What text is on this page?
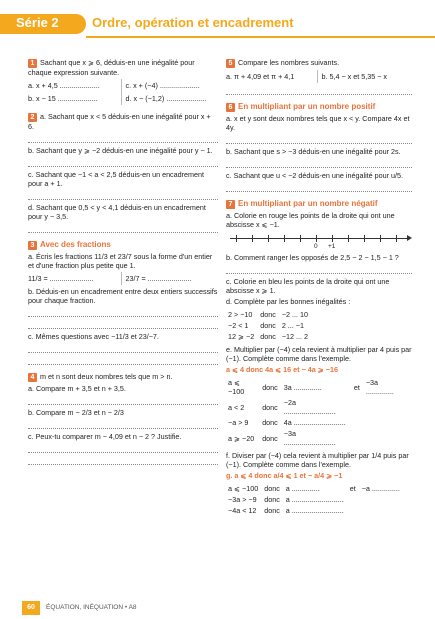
Série 2	Ordre, opération et encadrement

1 Sachant que x ⩾ 6, déduis-en une inégalité pour chaque expression suivante.

a. x + 4,5 ....................	c. x + (−4) ....................
b. x − 15 ....................	d. x − (−1,2) ....................

2 a. Sachant que x < 5 déduis-en une inégalité pour x + 6.

b. Sachant que y ⩾ −2 déduis-en une inégalité pour y − 1.

c. Sachant que −1 < a < 2,5 déduis-en un encadrement pour a + 1.

d. Sachant que 0,5 < y < 4,1 déduis-en un encadrement pour y − 3,5.

3 Avec des fractions

a. Écris les fractions 11/3 et 23/7 sous la forme d'un entier et d'une fraction plus petite que 1.

11/3 = ......................	23/7 = ......................

b. Déduis-en un encadrement entre deux entiers successifs pour chaque fraction.

c. Mêmes questions avec −11/3 et 23/−7.

4 m et n sont deux nombres tels que m > n.

a. Compare m + 3,5 et n + 3,5.

b. Compare m − 2/3 et n − 2/3

c. Peux-tu comparer m − 4,09 et n − 2 ? Justifie.

5 Compare les nombres suivants.

a. π + 4,09 et π + 4,1	b. 5,4 − x et 5,35 − x

6 En multipliant par un nombre positif

a. x et y sont deux nombres tels que x < y. Compare 4x et 4y.

b. Sachant que s > −3 déduis-en une inégalité pour 2s.

c. Sachant que u < −2 déduis-en une inégalité pour u/5.

7 En multipliant par un nombre négatif

a. Colorie en rouge les points de la droite qui ont une abscisse x ⩽ −1.

0 +1

b. Comment ranger les opposés de 2,5 − 2 − 1,5 − 1 ?

c. Colorie en bleu les points de la droite qui ont une abscisse x ⩾ 1.

d. Complète par les bonnes inégalités :

2 > −10	donc	−2 ... 10
−2 < 1	donc	2 ... −1
12 ⩾ −2	donc	−12 ... 2

e. Multiplier par (−4) cela revient à multiplier par 4 puis par (−1). Complète comme dans l'exemple.

a ⩽ 4 donc 4a ⩽ 16 et − 4a ⩾ −16

a ⩽ −100	donc	3a ..............	et	−3a ..............
a < 2	donc	−2a ..........................		
−a > 9	donc	4a ..........................		
a ⩾ −20	donc	−3a ..........................		

f. Diviser par (−4) cela revient à multiplier par 1/4 puis par (−1). Complète comme dans l'exemple.

g. a ⩽ 4 donc a/4 ⩽ 1 et − a/4 ⩾ −1

a ⩽ −100	donc	a ..............	et	−a ..............
−3a > −9	donc	a ..........................		
−4a < 12	donc	a ..........................		
60	ÉQUATION, INÉQUATION • A8
